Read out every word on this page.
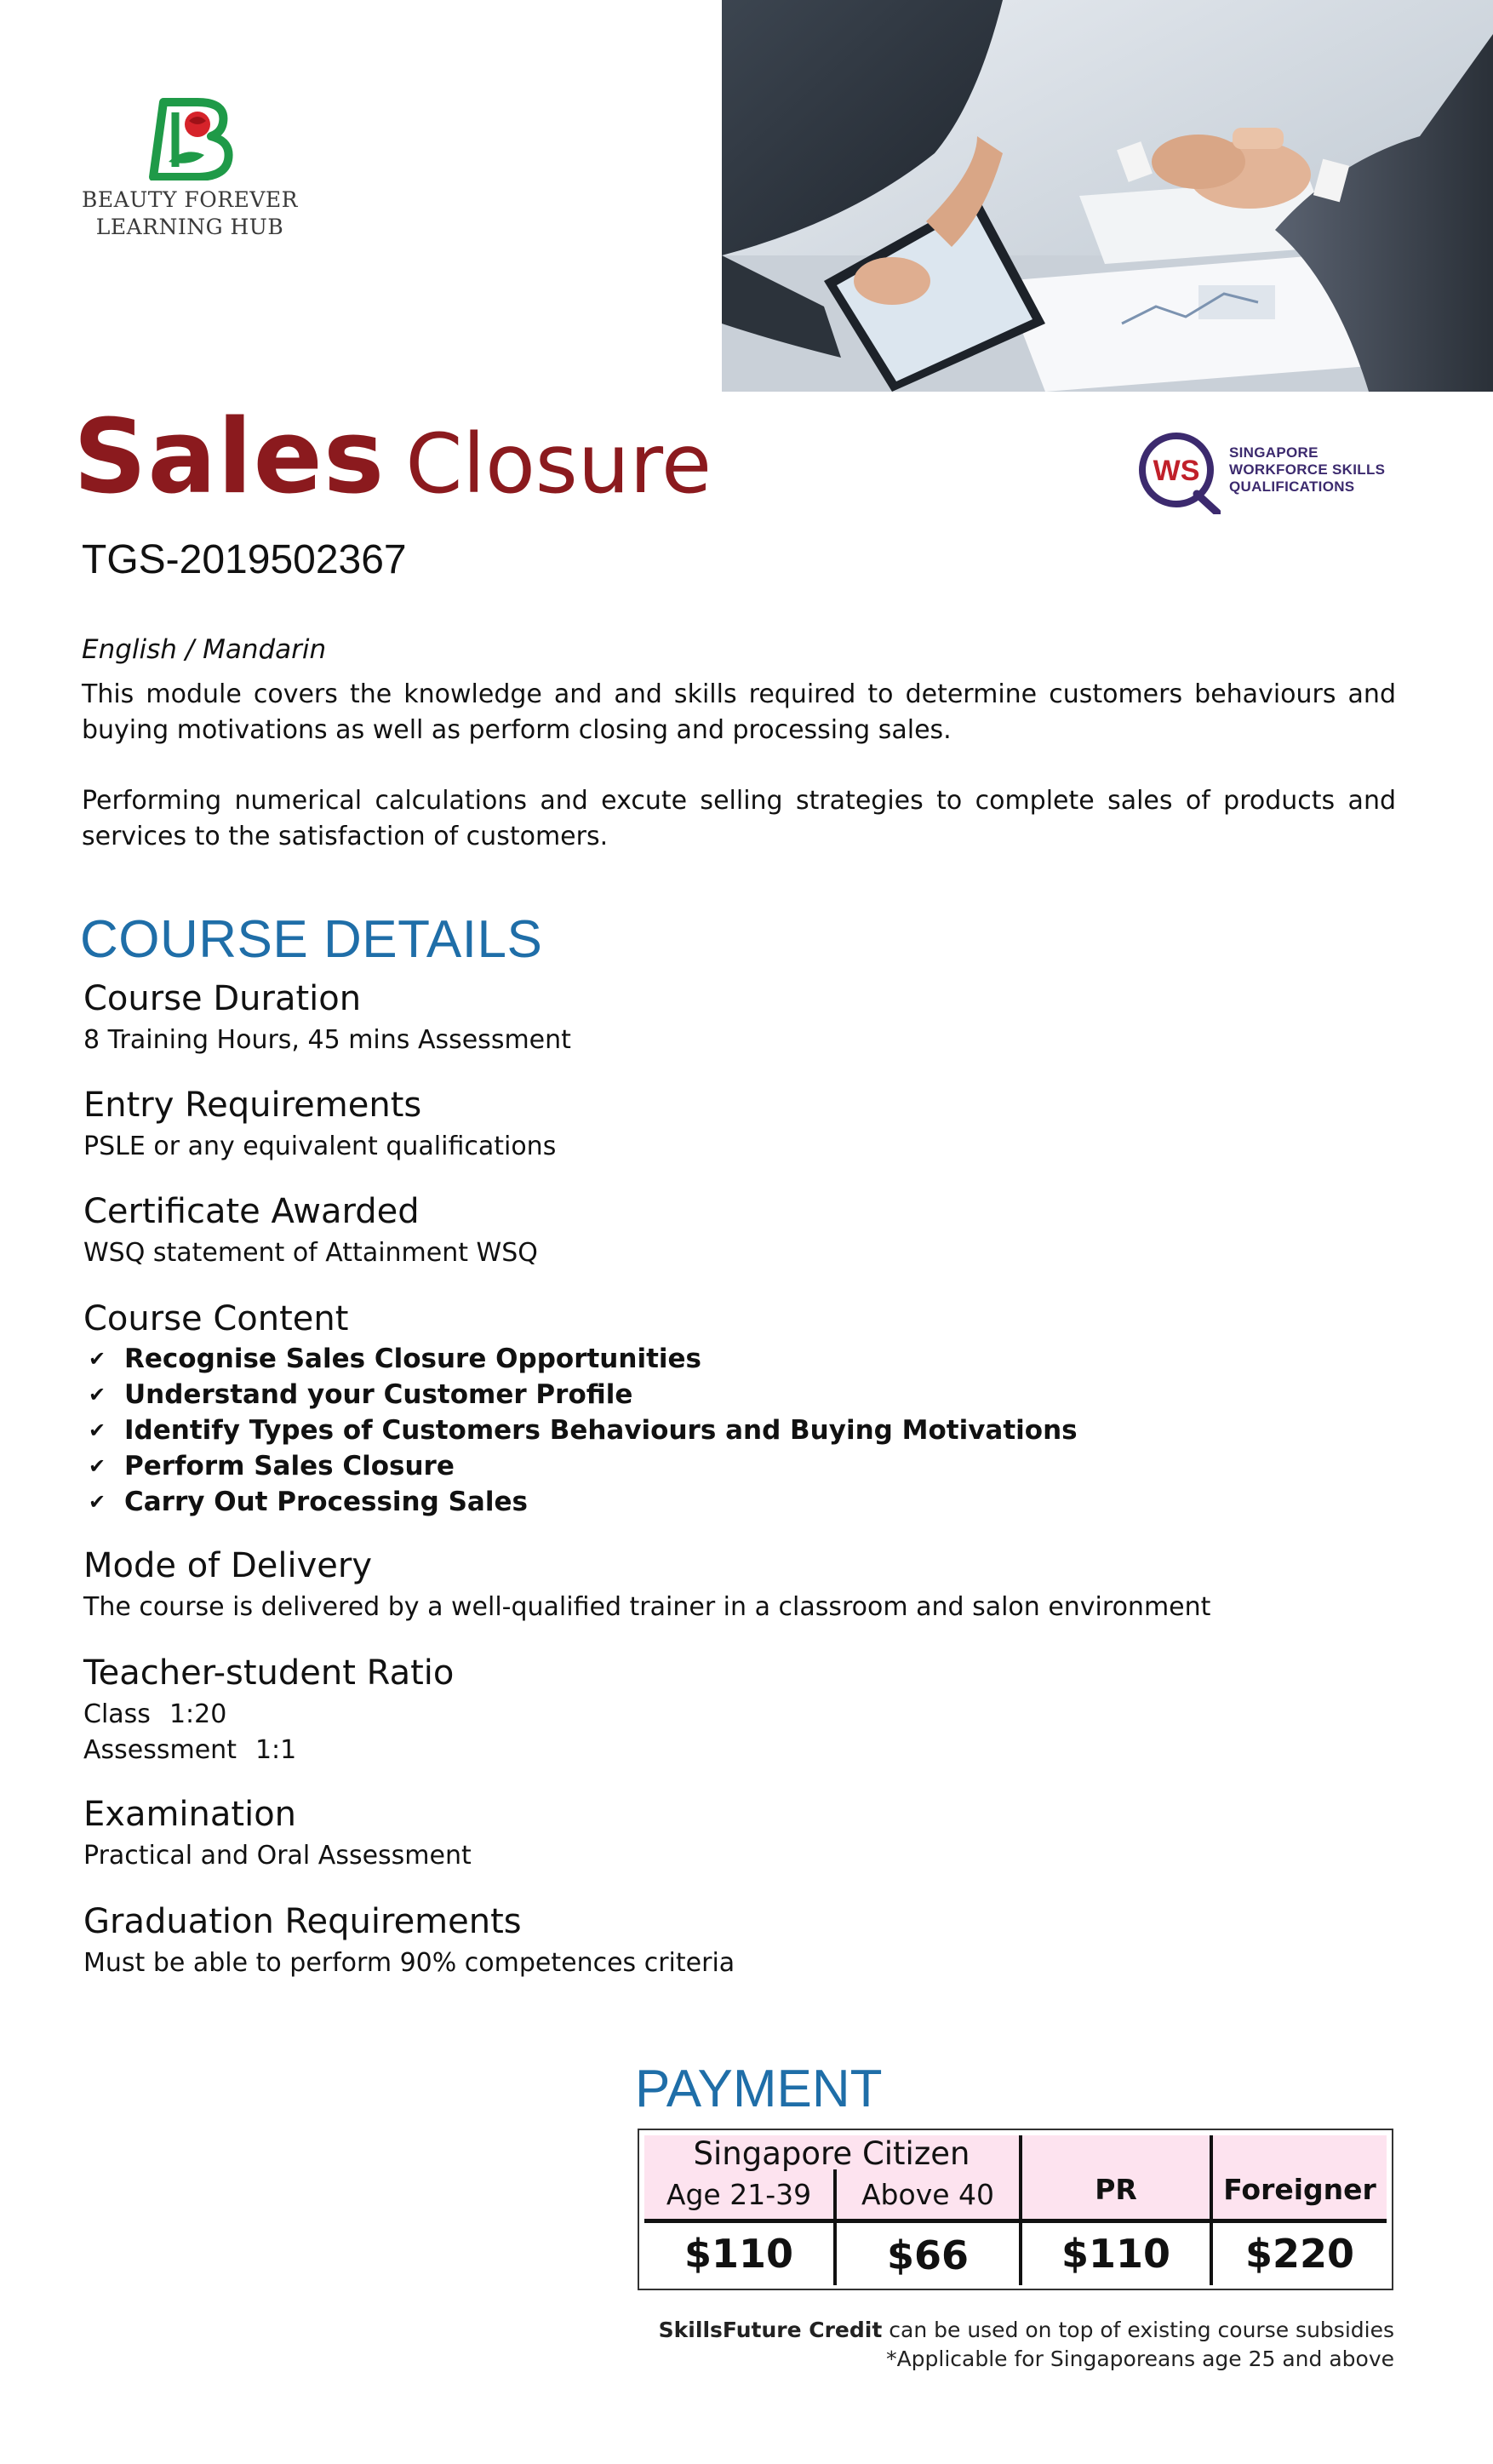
BEAUTY FOREVER
LEARNING HUB
Sales Closure
TGS-2019502367
WS
SINGAPORE
WORKFORCE SKILLS
QUALIFICATIONS
English / Mandarin
This module covers the knowledge and and skills required to determine customers behaviours and buying motivations as well as perform closing and processing sales.
Performing numerical calculations and excute selling strategies to complete sales of products and services to the satisfaction of customers.
COURSE DETAILS
Course Duration
8 Training Hours, 45 mins Assessment
Entry Requirements
PSLE or any equivalent qualifications
Certificate Awarded
WSQ statement of Attainment WSQ
Course Content
✔ Recognise Sales Closure Opportunities
✔ Understand your Customer Profile
✔ Identify Types of Customers Behaviours and Buying Motivations
✔ Perform Sales Closure
✔ Carry Out Processing Sales
Mode of Delivery
The course is delivered by a well-qualified trainer in a classroom and salon environment
Teacher-student Ratio
Class 1:20
Assessment 1:1
Examination
Practical and Oral Assessment
Graduation Requirements
Must be able to perform 90% competences criteria
PAYMENT
Singapore Citizen
Age 21-39	Above 40	PR	Foreigner
$110	$66	$110	$220
SkillsFuture Credit can be used on top of existing course subsidies
*Applicable for Singaporeans age 25 and above
